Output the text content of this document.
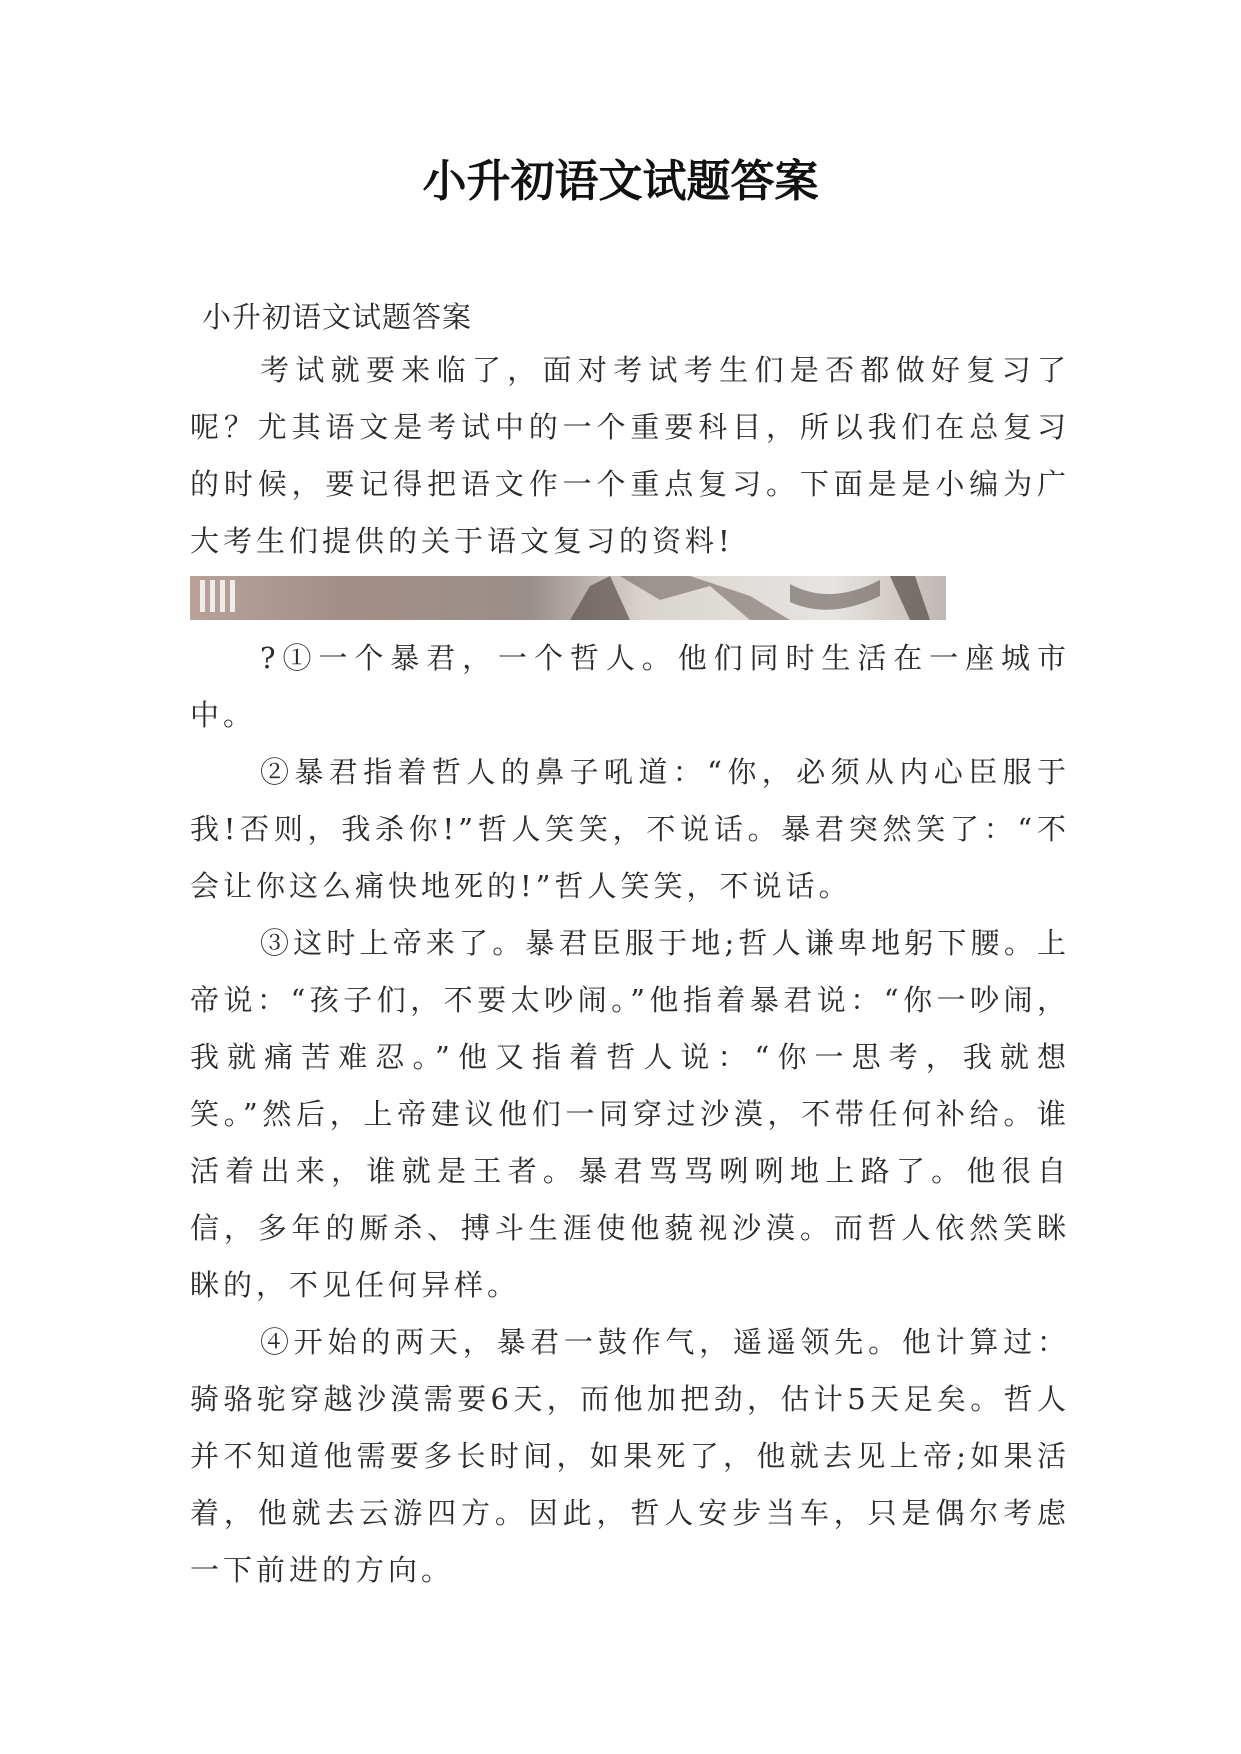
小升初语文试题答案

小升初语文试题答案

考试就要来临了，面对考试考生们是否都做好复习了呢？尤其语文是考试中的一个重要科目，所以我们在总复习的时候，要记得把语文作一个重点复习。下面是是小编为广大考生们提供的关于语文复习的资料!

?①一个暴君，一个哲人。他们同时生活在一座城市中。

②暴君指着哲人的鼻子吼道：“你，必须从内心臣服于我!否则，我杀你!”哲人笑笑，不说话。暴君突然笑了：“不会让你这么痛快地死的!”哲人笑笑，不说话。

③这时上帝来了。暴君臣服于地;哲人谦卑地躬下腰。上帝说：“孩子们，不要太吵闹。”他指着暴君说：“你一吵闹，我就痛苦难忍。”他又指着哲人说：“你一思考，我就想笑。”然后，上帝建议他们一同穿过沙漠，不带任何补给。谁活着出来，谁就是王者。暴君骂骂咧咧地上路了。他很自信，多年的厮杀、搏斗生涯使他藐视沙漠。而哲人依然笑眯眯的，不见任何异样。

④开始的两天，暴君一鼓作气，遥遥领先。他计算过：骑骆驼穿越沙漠需要6天，而他加把劲，估计5天足矣。哲人并不知道他需要多长时间，如果死了，他就去见上帝;如果活着，他就去云游四方。因此，哲人安步当车，只是偶尔考虑一下前进的方向。
